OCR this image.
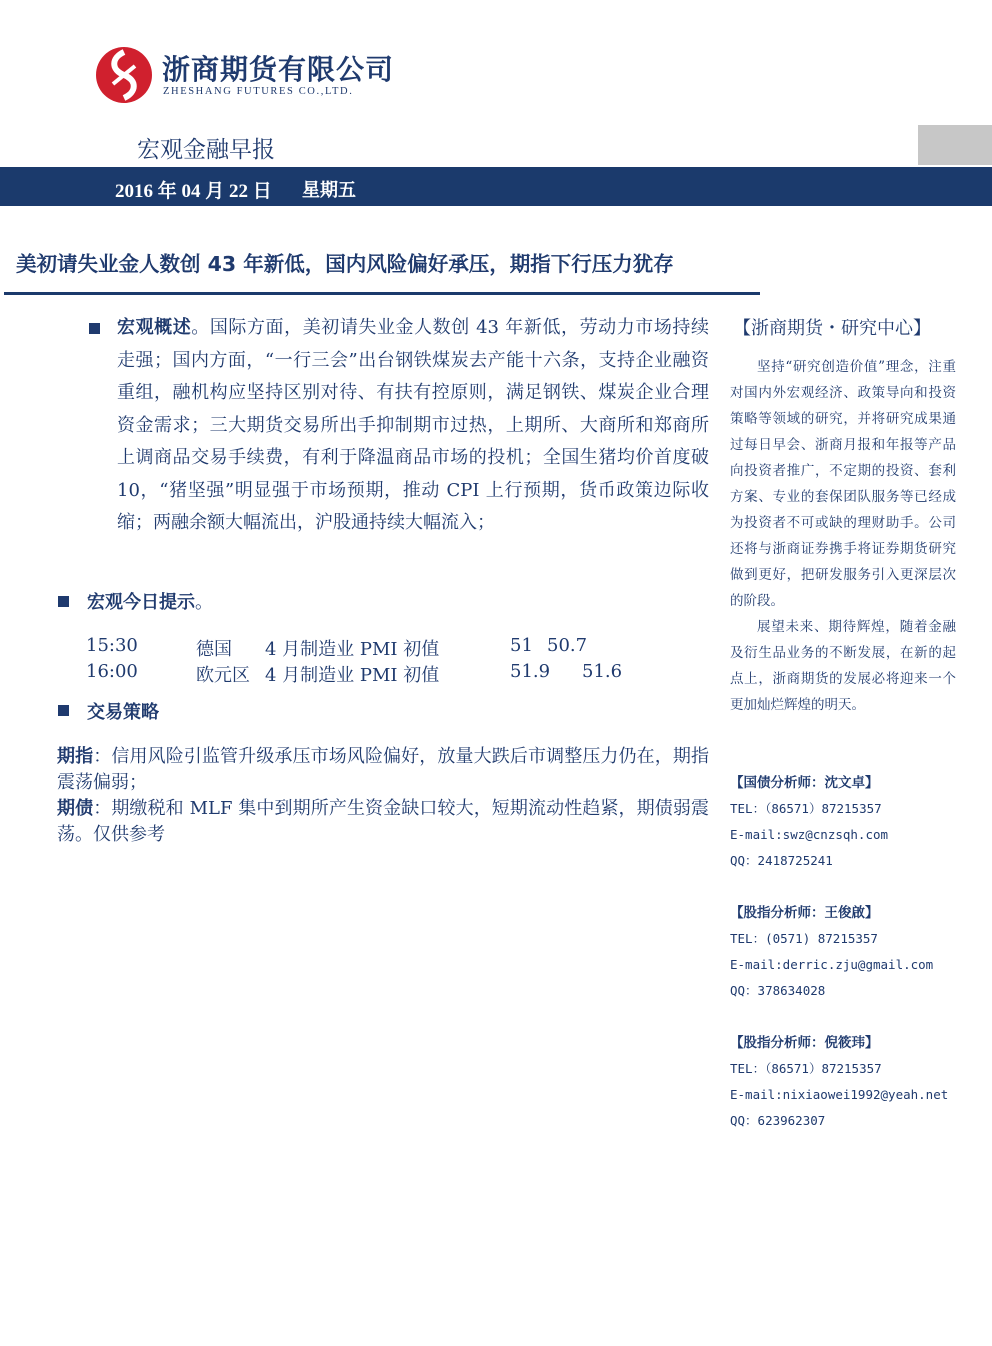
浙商期货有限公司
ZHESHANG FUTURES CO.,LTD.
宏观金融早报
2016 年 04 月 22 日 星期五
美初请失业金人数创 43 年新低，国内风险偏好承压，期指下行压力犹存
宏观概述。国际方面，美初请失业金人数创 43 年新低，劳动力市场持续走强；国内方面，“一行三会”出台钢铁煤炭去产能十六条，支持企业融资重组，融机构应坚持区别对待、有扶有控原则，满足钢铁、煤炭企业合理资金需求；三大期货交易所出手抑制期市过热，上期所、大商所和郑商所上调商品交易手续费，有利于降温商品市场的投机；全国生猪均价首度破 10，“猪坚强”明显强于市场预期，推动 CPI 上行预期，货币政策边际收缩；两融余额大幅流出，沪股通持续大幅流入；
宏观今日提示。
15:30	德国 4 月制造业 PMI 初值	51 50.7
16:00	欧元区 4 月制造业 PMI 初值	51.9 51.6
交易策略
期指：信用风险引监管升级承压市场风险偏好，放量大跌后市调整压力仍在，期指震荡偏弱；
期债：期缴税和 MLF 集中到期所产生资金缺口较大，短期流动性趋紧，期债弱震荡。仅供参考
【浙商期货・研究中心】
坚持“研究创造价值”理念，注重对国内外宏观经济、政策导向和投资策略等领域的研究，并将研究成果通过每日早会、浙商月报和年报等产品向投资者推广，不定期的投资、套利方案、专业的套保团队服务等已经成为投资者不可或缺的理财助手。公司还将与浙商证券携手将证券期货研究做到更好，把研发服务引入更深层次的阶段。
展望未来、期待辉煌，随着金融及衍生品业务的不断发展，在新的起点上，浙商期货的发展必将迎来一个更加灿烂辉煌的明天。
【国债分析师：沈文卓】
TEL：（86571）87215357
E-mail:swz@cnzsqh.com
QQ：2418725241
【股指分析师：王俊啟】
TEL：(0571) 87215357
E-mail:derric.zju@gmail.com
QQ：378634028
【股指分析师：倪筱玮】
TEL：（86571）87215357
E-mail:nixiaowei1992@yeah.net
QQ：623962307
